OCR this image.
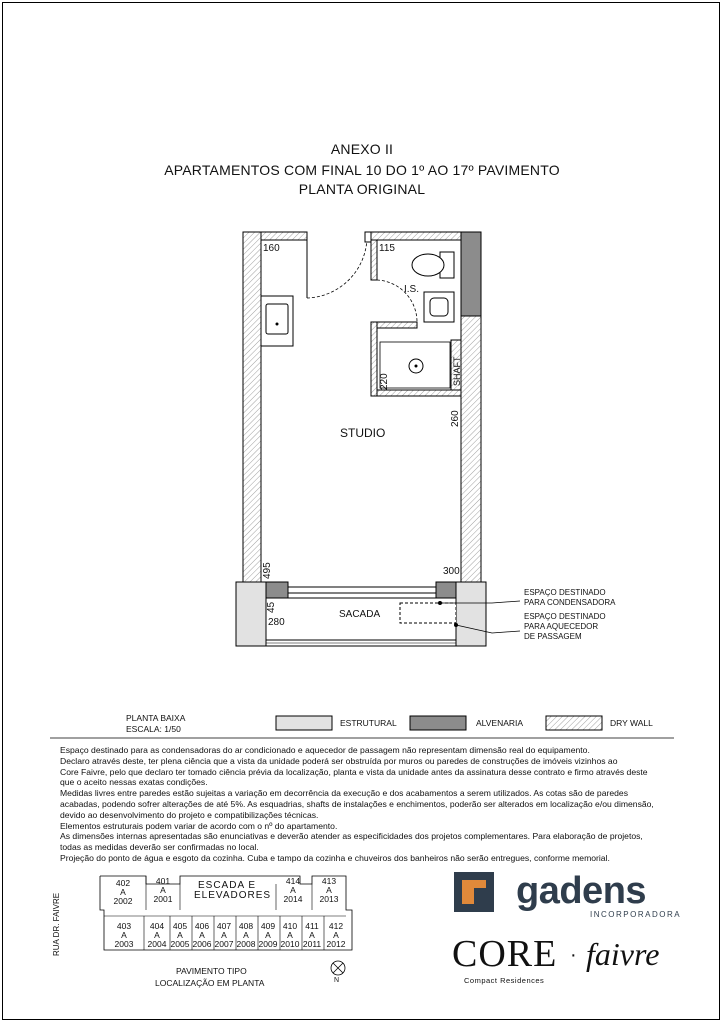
ANEXO II
APARTAMENTOS COM FINAL 10 DO 1º AO 17º PAVIMENTO
PLANTA ORIGINAL
160	115
I.S.
SHAFT
220
260
STUDIO
495	300
45
SACADA
280
ESPAÇO DESTINADO
PARA CONDENSADORA
ESPAÇO DESTINADO
PARA AQUECEDOR
DE PASSAGEM
PLANTA BAIXA
ESCALA: 1/50
ESTRUTURAL	ALVENARIA	DRY WALL

Espaço destinado para as condensadoras do ar condicionado e aquecedor de passagem não representam dimensão real do equipamento.

Declaro através deste, ter plena ciência que a vista da unidade poderá ser obstruída por muros ou paredes de construções de imóveis vizinhos ao

Core Faivre, pelo que declaro ter tomado ciência prévia da localização, planta e vista da unidade antes da assinatura desse contrato e firmo através deste

que o aceito nessas exatas condições.

Medidas livres entre paredes estão sujeitas a variação em decorrência da execução e dos acabamentos a serem utilizados. As cotas são de paredes

acabadas, podendo sofrer alterações de até 5%. As esquadrias, shafts de instalações e enchimentos, poderão ser alterados em localização e/ou dimensão,

devido ao desenvolvimento do projeto e compatibilizações técnicas.

Elementos estruturais podem variar de acordo com o nº do apartamento.

As dimensões internas apresentadas são enunciativas e deverão atender as especificidades dos projetos complementares. Para elaboração de projetos,

todas as medidas deverão ser confirmadas no local.

Projeção do ponto de água e esgoto da cozinha. Cuba e tampo da cozinha e chuveiros dos banheiros não serão entregues, conforme memorial.

RUA DR. FAIVRE
ESCADA E
ELEVADORES
402
A
2002
401
A
2001
414
A
2014
413
A
2013
403
A
2003
404
A
2004
405
A
2005
406
A
2006
407
A
2007
408
A
2008
409
A
2009
410
A
2010
411
A
2011
412
A
2012
PAVIMENTO TIPO
LOCALIZAÇÃO EM PLANTA	N
gadens
INCORPORADORA
CORE · faivre
Compact Residences
